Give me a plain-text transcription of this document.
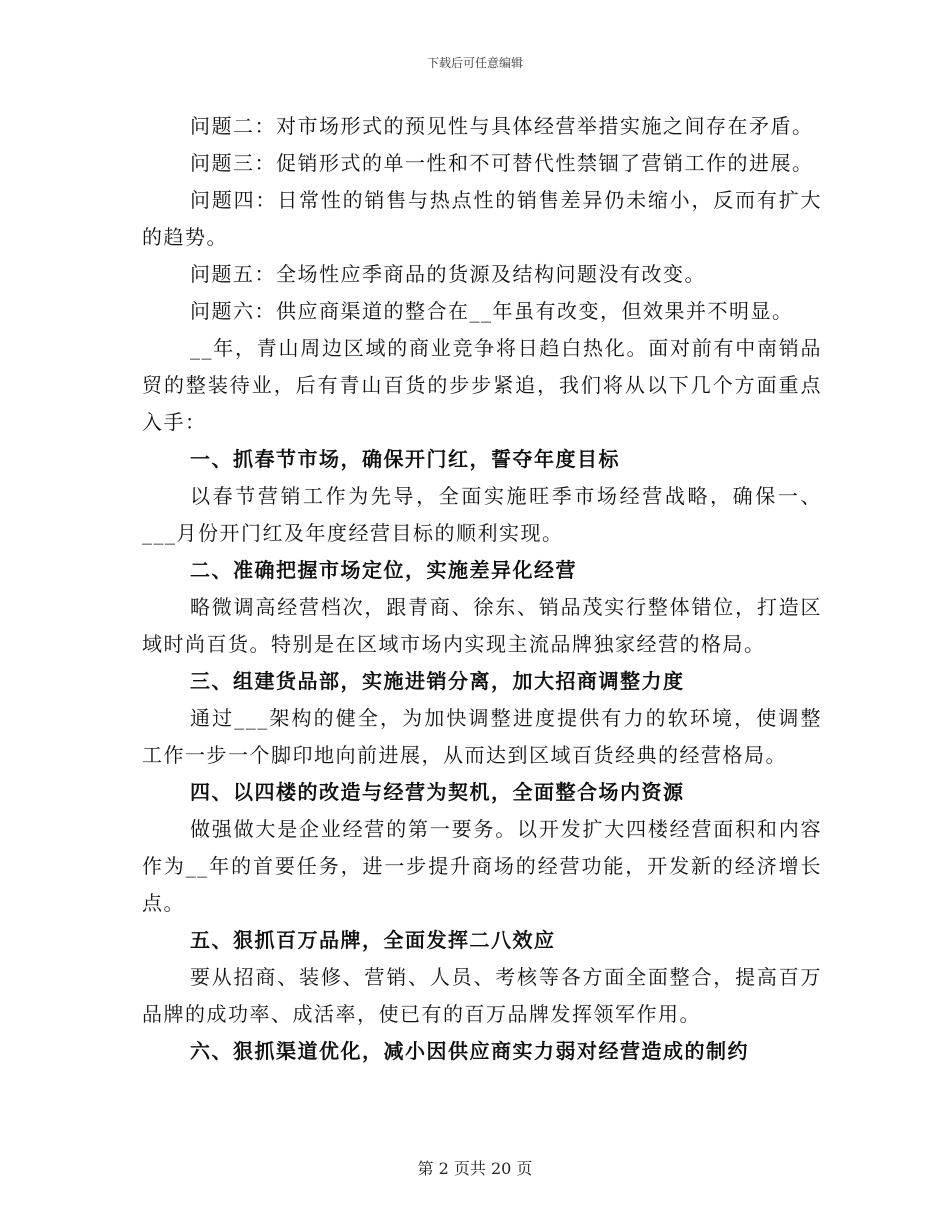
下载后可任意编辑

问题二：对市场形式的预见性与具体经营举措实施之间存在矛盾。

问题三：促销形式的单一性和不可替代性禁锢了营销工作的进展。

问题四：日常性的销售与热点性的销售差异仍未缩小，反而有扩大的趋势。

问题五：全场性应季商品的货源及结构问题没有改变。

问题六：供应商渠道的整合在__年虽有改变，但效果并不明显。

__年，青山周边区域的商业竞争将日趋白热化。面对前有中南销品贸的整装待业，后有青山百货的步步紧追，我们将从以下几个方面重点入手：

一、抓春节市场，确保开门红，誓夺年度目标

以春节营销工作为先导，全面实施旺季市场经营战略，确保一、___月份开门红及年度经营目标的顺利实现。

二、准确把握市场定位，实施差异化经营

略微调高经营档次，跟青商、徐东、销品茂实行整体错位，打造区域时尚百货。特别是在区域市场内实现主流品牌独家经营的格局。

三、组建货品部，实施进销分离，加大招商调整力度

通过___架构的健全，为加快调整进度提供有力的软环境，使调整工作一步一个脚印地向前进展，从而达到区域百货经典的经营格局。

四、以四楼的改造与经营为契机，全面整合场内资源

做强做大是企业经营的第一要务。以开发扩大四楼经营面积和内容作为__年的首要任务，进一步提升商场的经营功能，开发新的经济增长点。

五、狠抓百万品牌，全面发挥二八效应

要从招商、装修、营销、人员、考核等各方面全面整合，提高百万品牌的成功率、成活率，使已有的百万品牌发挥领军作用。

六、狠抓渠道优化，减小因供应商实力弱对经营造成的制约

第 2 页共 20 页
